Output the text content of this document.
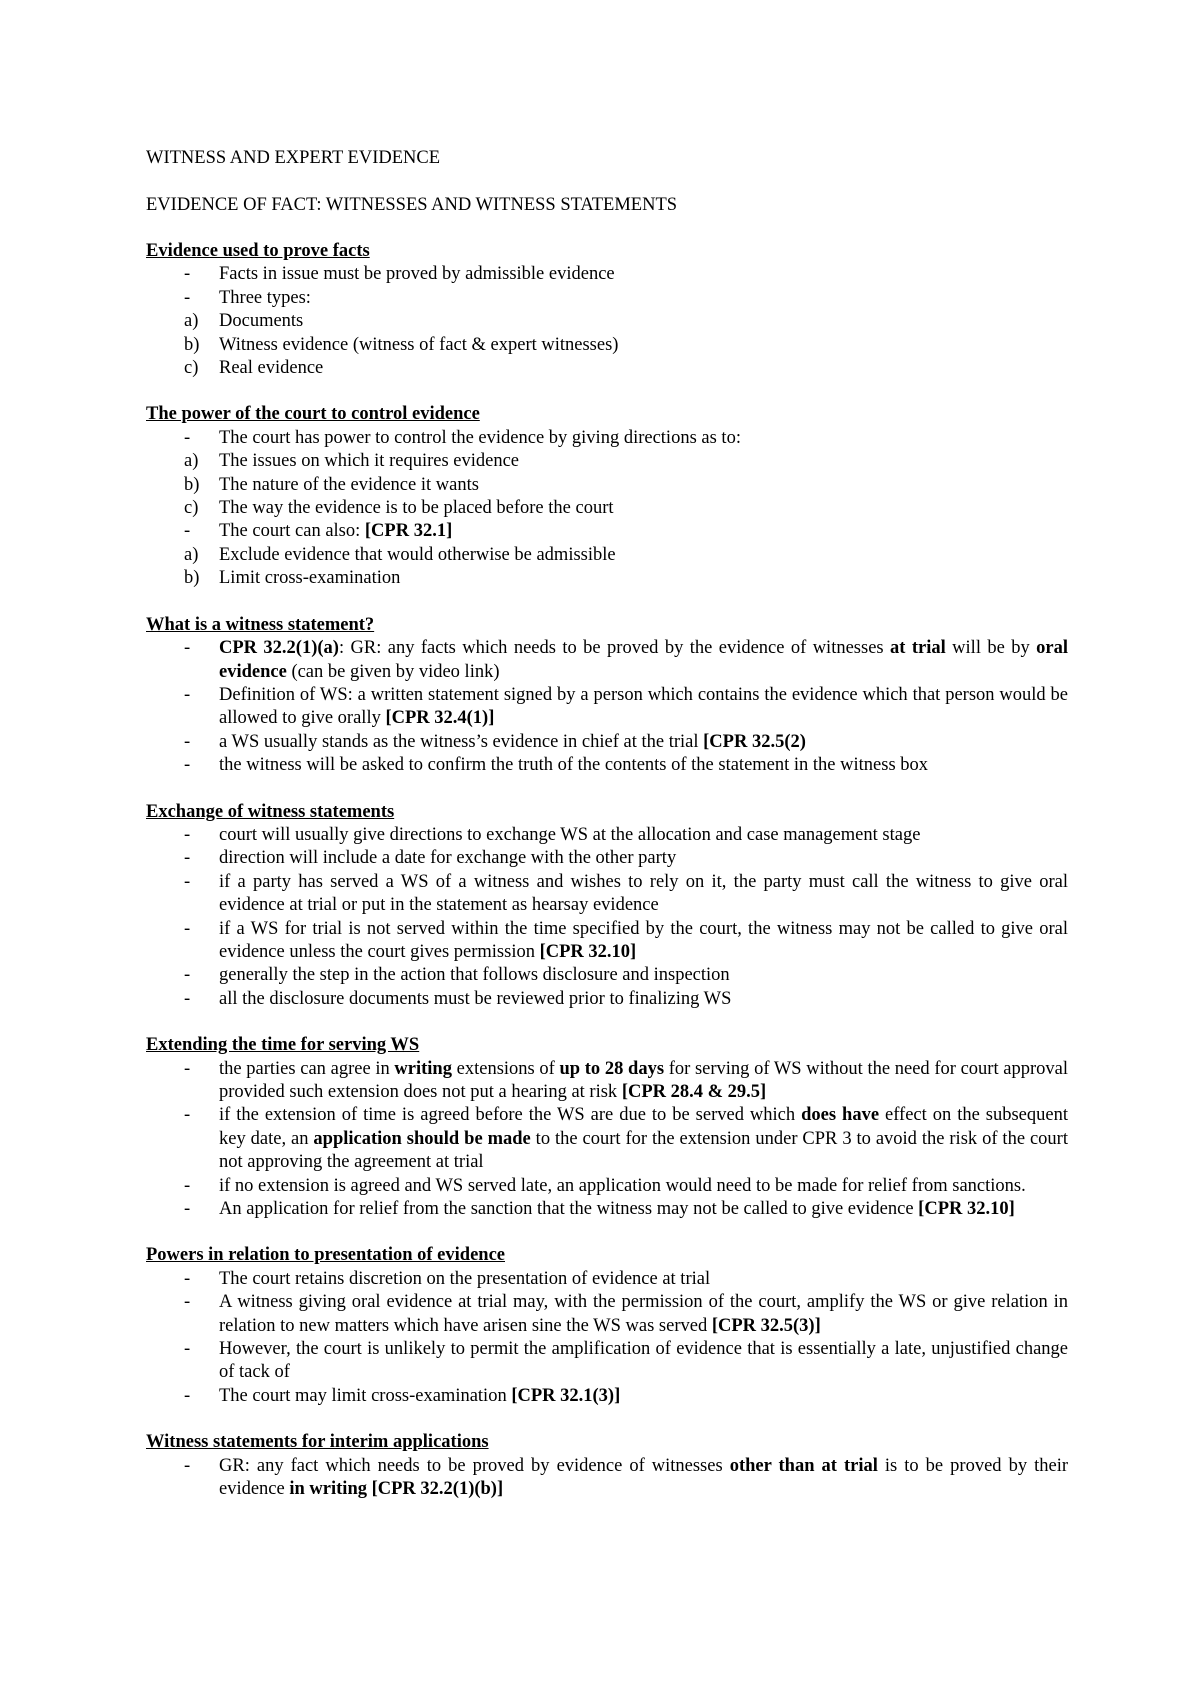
WITNESS AND EXPERT EVIDENCE
EVIDENCE OF FACT: WITNESSES AND WITNESS STATEMENTS
Evidence used to prove facts
- Facts in issue must be proved by admissible evidence
- Three types:
a) Documents
b) Witness evidence (witness of fact & expert witnesses)
c) Real evidence
The power of the court to control evidence
- The court has power to control the evidence by giving directions as to:
a) The issues on which it requires evidence
b) The nature of the evidence it wants
c) The way the evidence is to be placed before the court
- The court can also: [CPR 32.1]
a) Exclude evidence that would otherwise be admissible
b) Limit cross-examination
What is a witness statement?
- CPR 32.2(1)(a): GR: any facts which needs to be proved by the evidence of witnesses at trial will be by oral evidence (can be given by video link)
- Definition of WS: a written statement signed by a person which contains the evidence which that person would be allowed to give orally [CPR 32.4(1)]
- a WS usually stands as the witness’s evidence in chief at the trial [CPR 32.5(2)
- the witness will be asked to confirm the truth of the contents of the statement in the witness box
Exchange of witness statements
- court will usually give directions to exchange WS at the allocation and case management stage
- direction will include a date for exchange with the other party
- if a party has served a WS of a witness and wishes to rely on it, the party must call the witness to give oral evidence at trial or put in the statement as hearsay evidence
- if a WS for trial is not served within the time specified by the court, the witness may not be called to give oral evidence unless the court gives permission [CPR 32.10]
- generally the step in the action that follows disclosure and inspection
- all the disclosure documents must be reviewed prior to finalizing WS
Extending the time for serving WS
- the parties can agree in writing extensions of up to 28 days for serving of WS without the need for court approval provided such extension does not put a hearing at risk [CPR 28.4 & 29.5]
- if the extension of time is agreed before the WS are due to be served which does have effect on the subsequent key date, an application should be made to the court for the extension under CPR 3 to avoid the risk of the court not approving the agreement at trial
- if no extension is agreed and WS served late, an application would need to be made for relief from sanctions.
- An application for relief from the sanction that the witness may not be called to give evidence [CPR 32.10]
Powers in relation to presentation of evidence
- The court retains discretion on the presentation of evidence at trial
- A witness giving oral evidence at trial may, with the permission of the court, amplify the WS or give relation in relation to new matters which have arisen sine the WS was served [CPR 32.5(3)]
- However, the court is unlikely to permit the amplification of evidence that is essentially a late, unjustified change of tack of
- The court may limit cross-examination [CPR 32.1(3)]
Witness statements for interim applications
- GR: any fact which needs to be proved by evidence of witnesses other than at trial is to be proved by their evidence in writing [CPR 32.2(1)(b)]
